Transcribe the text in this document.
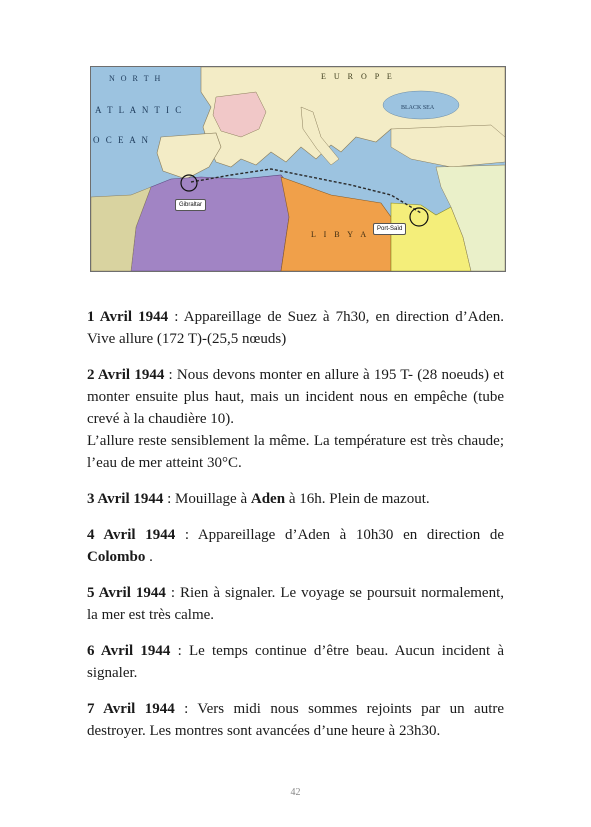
N O R T H
A T L A N T I C
O C E A N
E U R O P E
BLACK SEA
L I B Y A
Gibraltar
Port-Saïd

1 Avril 1944 : Appareillage de Suez à 7h30, en direction d’Aden. Vive allure (172 T)-(25,5 nœuds)

2 Avril 1944 : Nous devons monter en allure à 195 T- (28 noeuds) et monter ensuite plus haut, mais un incident nous en empêche (tube crevé à la chaudière 10).
L’allure reste sensiblement la même. La température est très chaude; l’eau de mer atteint 30°C.

3 Avril 1944 : Mouillage à Aden à 16h. Plein de mazout.

4 Avril 1944 : Appareillage d’Aden à 10h30 en direction de Colombo .

5 Avril 1944 : Rien à signaler. Le voyage se poursuit normalement, la mer est très calme.

6 Avril 1944 : Le temps continue d’être beau. Aucun incident à signaler.

7 Avril 1944 : Vers midi nous sommes rejoints par un autre destroyer. Les montres sont avancées d’une heure à 23h30.

42
